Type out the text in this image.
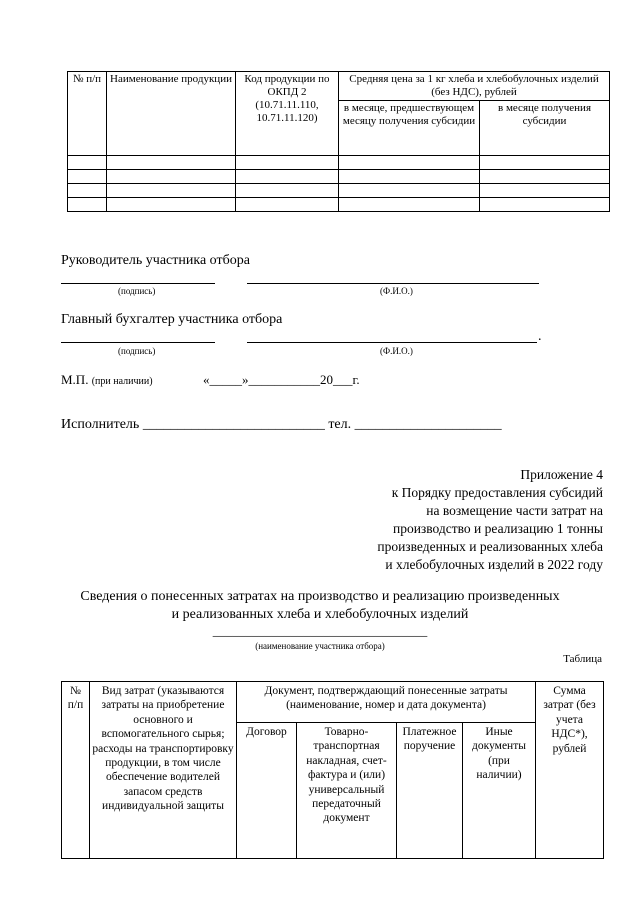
№ п/п	Наименование продукции	Код продукции по ОКПД 2 (10.71.11.110, 10.71.11.120)	Средняя цена за 1 кг хлеба и хлебобулочных изделий (без НДС), рублей	
			в месяце, предшествующем месяцу получения субсидии	в месяце получения субсидии

Руководитель участника отбора
(подпись)	(Ф.И.О.)
Главный бухгалтер участника отбора
.
(подпись)	(Ф.И.О.)
М.П. (при наличии)	«_____»___________20___г.
Исполнитель __________________________ тел. _____________________
Приложение 4
к Порядку предоставления субсидий
на возмещение части затрат на
производство и реализацию 1 тонны
произведенных и реализованных хлеба
и хлебобулочных изделий в 2022 году
Сведения о понесенных затратах на производство и реализацию произведенных
и реализованных хлеба и хлебобулочных изделий
_________________________________
(наименование участника отбора)
Таблица
№ п/п	Вид затрат (указываются затраты на приобретение основного и вспомогательного сырья; расходы на транспортировку продукции, в том числе обеспечение водителей запасом средств индивидуальной защиты	Документ, подтверждающий понесенные затраты (наименование, номер и дата документа)				Сумма затрат (без учета НДС*), рублей
		Договор	Товарно-транспортная накладная, счет-фактура и (или) универсальный передаточный документ	Платежное поручение	Иные документы (при наличии)	
